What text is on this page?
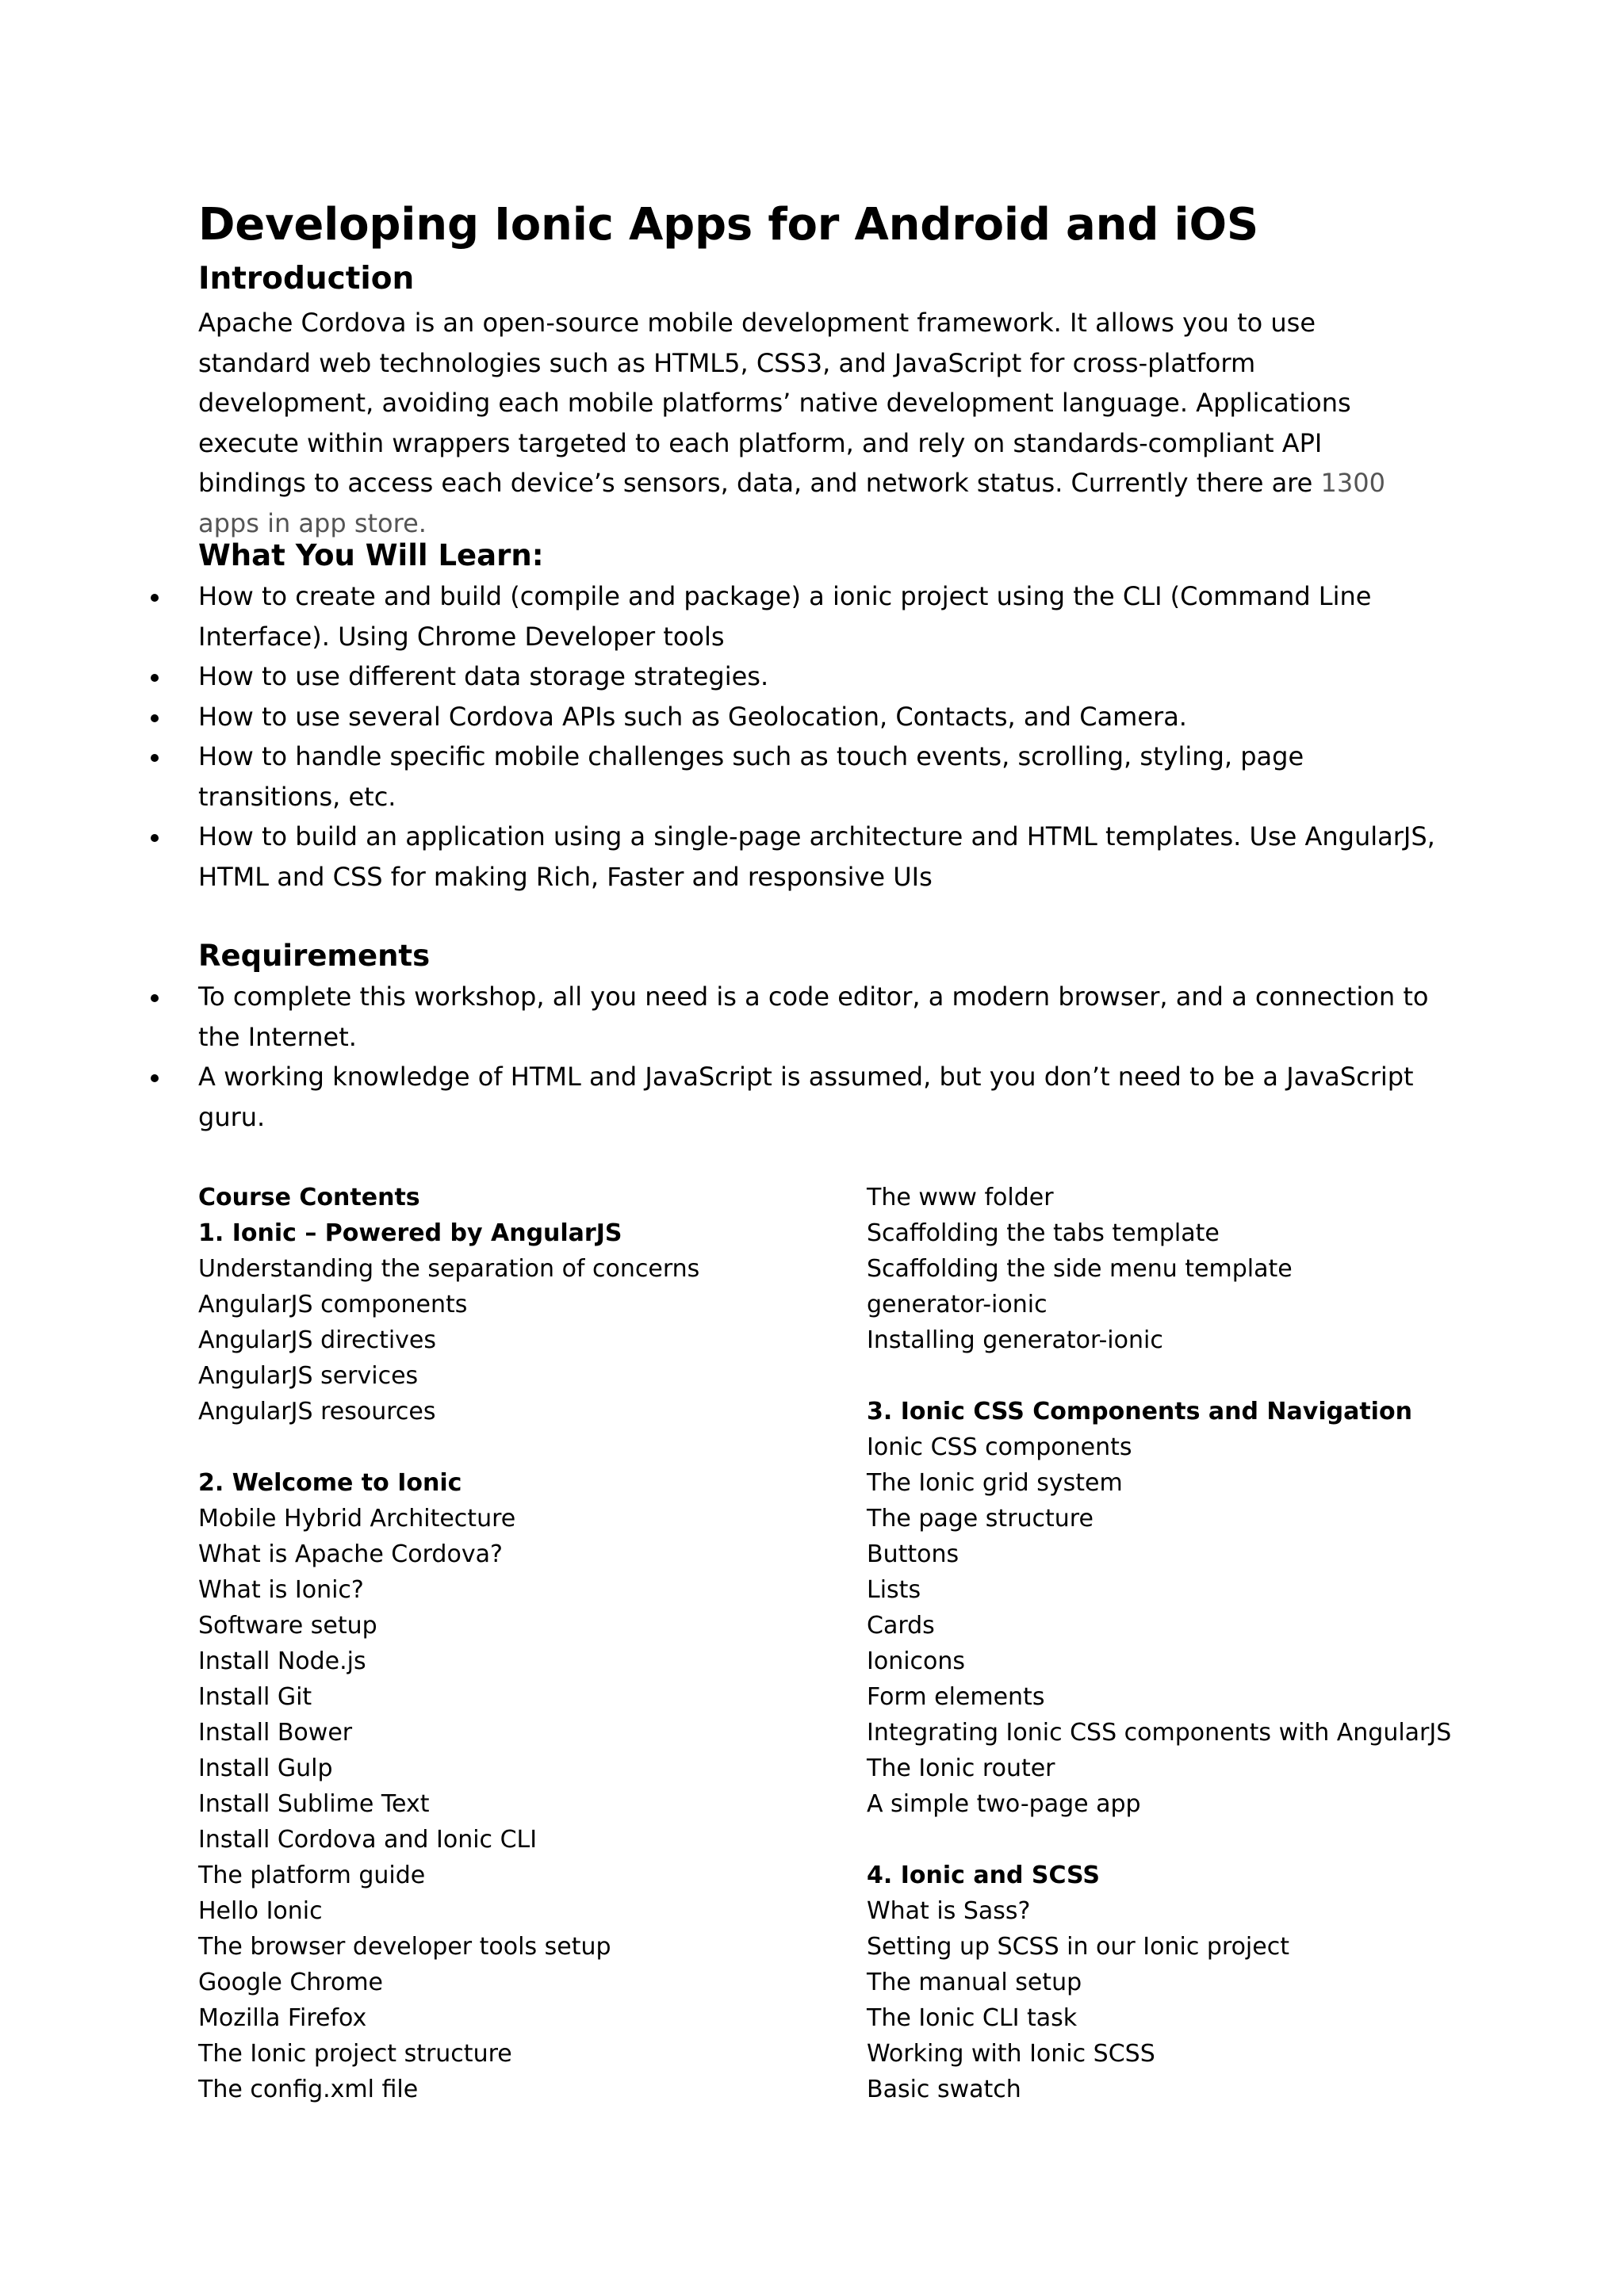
Developing Ionic Apps for Android and iOS
Introduction

Apache Cordova is an open-source mobile development framework. It allows you to use standard web technologies such as HTML5, CSS3, and JavaScript for cross-platform development, avoiding each mobile platforms’ native development language. Applications execute within wrappers targeted to each platform, and rely on standards-compliant API bindings to access each device’s sensors, data, and network status. Currently there are 1300 apps in app store.

What You Will Learn:
How to create and build (compile and package) a ionic project using the CLI (Command Line Interface). Using Chrome Developer tools
How to use different data storage strategies.
How to use several Cordova APIs such as Geolocation, Contacts, and Camera.
How to handle specific mobile challenges such as touch events, scrolling, styling, page transitions, etc.
How to build an application using a single-page architecture and HTML templates. Use AngularJS, HTML and CSS for making Rich, Faster and responsive UIs
Requirements
To complete this workshop, all you need is a code editor, a modern browser, and a connection to the Internet.
A working knowledge of HTML and JavaScript is assumed, but you don’t need to be a JavaScript guru.
Course Contents
1. Ionic – Powered by AngularJS
Understanding the separation of concerns
AngularJS components
AngularJS directives
AngularJS services
AngularJS resources
2. Welcome to Ionic
Mobile Hybrid Architecture
What is Apache Cordova?
What is Ionic?
Software setup
Install Node.js
Install Git
Install Bower
Install Gulp
Install Sublime Text
Install Cordova and Ionic CLI
The platform guide
Hello Ionic
The browser developer tools setup
Google Chrome
Mozilla Firefox
The Ionic project structure
The config.xml file
The www folder
Scaffolding the tabs template
Scaffolding the side menu template
generator-ionic
Installing generator-ionic
3. Ionic CSS Components and Navigation
Ionic CSS components
The Ionic grid system
The page structure
Buttons
Lists
Cards
Ionicons
Form elements
Integrating Ionic CSS components with AngularJS
The Ionic router
A simple two-page app
4. Ionic and SCSS
What is Sass?
Setting up SCSS in our Ionic project
The manual setup
The Ionic CLI task
Working with Ionic SCSS
Basic swatch
